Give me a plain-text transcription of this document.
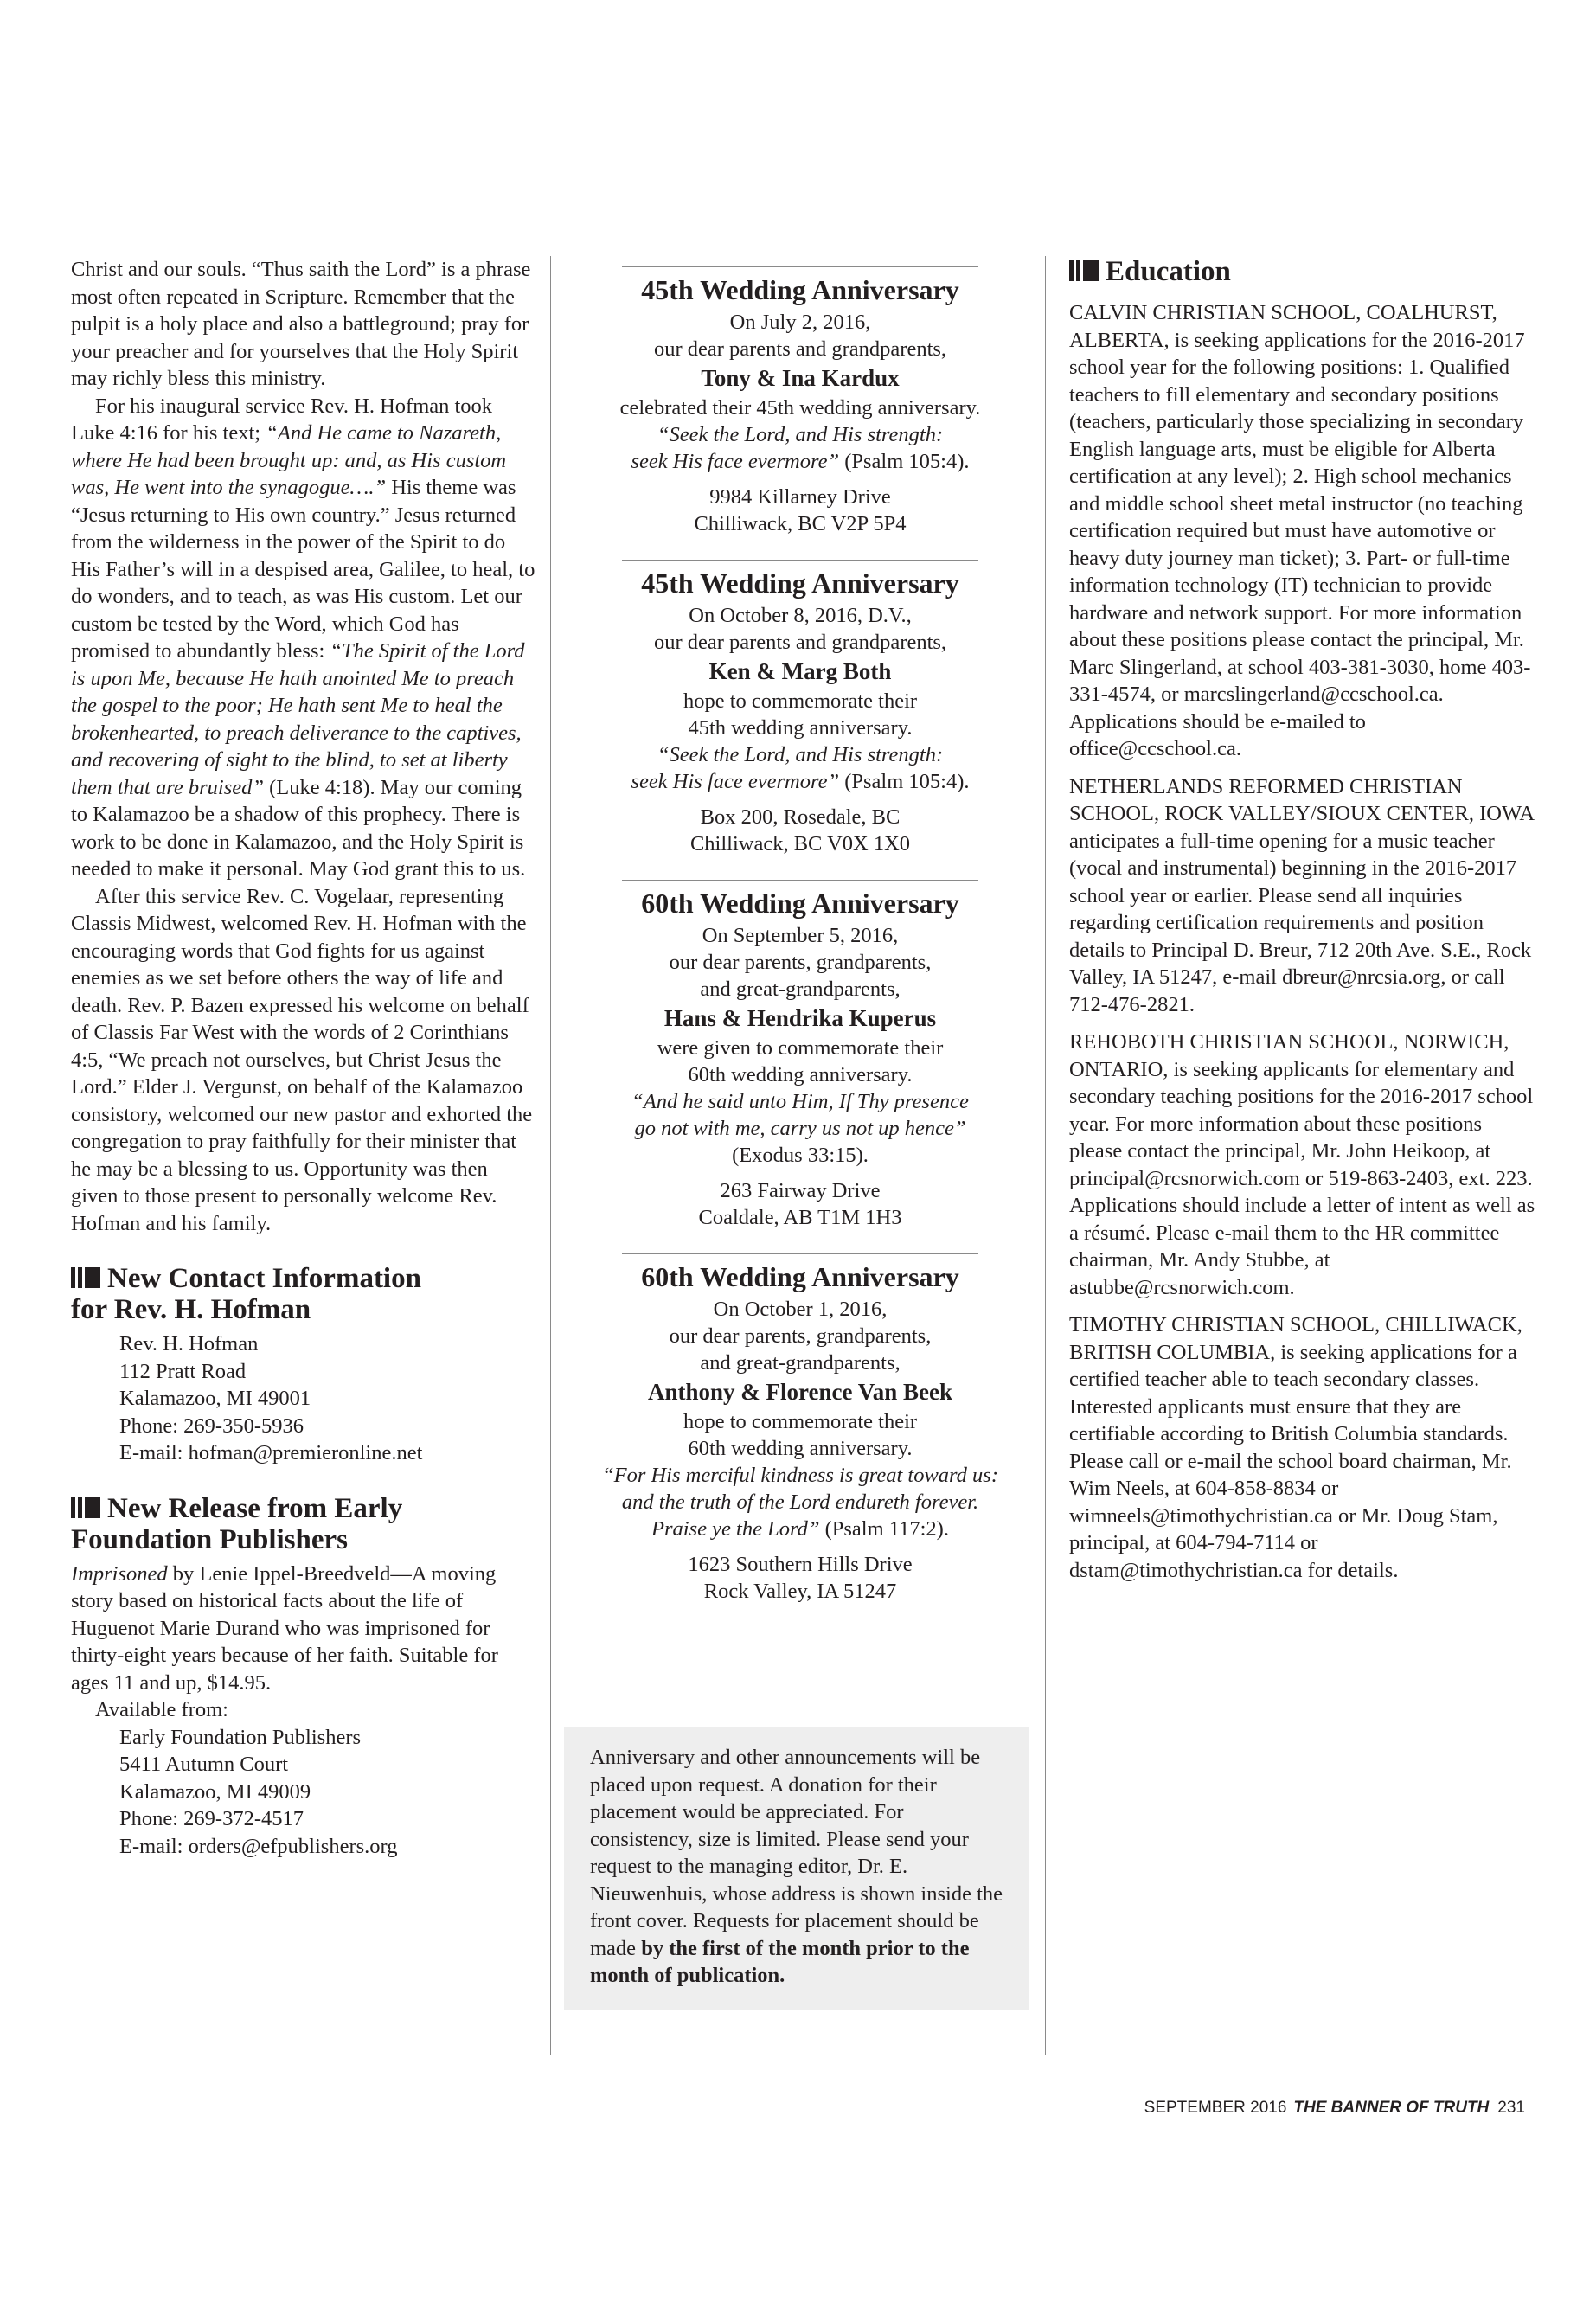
Christ and our souls. “Thus saith the Lord” is a phrase most often repeated in Scripture. Remember that the pulpit is a holy place and also a battleground; pray for your preacher and for yourselves that the Holy Spirit may richly bless this ministry.

For his inaugural service Rev. H. Hofman took Luke 4:16 for his text; “And He came to Nazareth, where He had been brought up: and, as His custom was, He went into the synagogue….” His theme was “Jesus returning to His own country.” Jesus returned from the wilderness in the power of the Spirit to do His Father’s will in a despised area, Galilee, to heal, to do wonders, and to teach, as was His custom. Let our custom be tested by the Word, which God has promised to abundantly bless: “The Spirit of the Lord is upon Me, because He hath anointed Me to preach the gospel to the poor; He hath sent Me to heal the brokenhearted, to preach deliverance to the captives, and recovering of sight to the blind, to set at liberty them that are bruised” (Luke 4:18). May our coming to Kalamazoo be a shadow of this prophecy. There is work to be done in Kalamazoo, and the Holy Spirit is needed to make it personal. May God grant this to us.

After this service Rev. C. Vogelaar, representing Classis Midwest, welcomed Rev. H. Hofman with the encouraging words that God fights for us against enemies as we set before others the way of life and death. Rev. P. Bazen expressed his welcome on behalf of Classis Far West with the words of 2 Corinthians 4:5, “We preach not ourselves, but Christ Jesus the Lord.” Elder J. Vergunst, on behalf of the Kalamazoo consistory, welcomed our new pastor and exhorted the congregation to pray faithfully for their minister that he may be a blessing to us. Opportunity was then given to those present to personally welcome Rev. Hofman and his family.

New Contact Information
for Rev. H. Hofman

Rev. H. Hofman

112 Pratt Road

Kalamazoo, MI 49001

Phone: 269-350-5936

E-mail: hofman@premieronline.net

New Release from Early
Foundation Publishers

Imprisoned by Lenie Ippel-Breedveld—A moving story based on historical facts about the life of Huguenot Marie Durand who was imprisoned for thirty-eight years because of her faith. Suitable for ages 11 and up, $14.95.

Available from:

Early Foundation Publishers

5411 Autumn Court

Kalamazoo, MI 49009

Phone: 269-372-4517

E-mail: orders@efpublishers.org

45th Wedding Anniversary

On July 2, 2016,

our dear parents and grandparents,

Tony & Ina Kardux

celebrated their 45th wedding anniversary.

“Seek the Lord, and His strength:

seek His face evermore” (Psalm 105:4).

9984 Killarney Drive

Chilliwack, BC V2P 5P4

45th Wedding Anniversary

On October 8, 2016, D.V.,

our dear parents and grandparents,

Ken & Marg Both

hope to commemorate their

45th wedding anniversary.

“Seek the Lord, and His strength:

seek His face evermore” (Psalm 105:4).

Box 200, Rosedale, BC

Chilliwack, BC V0X 1X0

60th Wedding Anniversary

On September 5, 2016,

our dear parents, grandparents,

and great-grandparents,

Hans & Hendrika Kuperus

were given to commemorate their

60th wedding anniversary.

“And he said unto Him, If Thy presence

go not with me, carry us not up hence”

(Exodus 33:15).

263 Fairway Drive

Coaldale, AB T1M 1H3

60th Wedding Anniversary

On October 1, 2016,

our dear parents, grandparents,

and great-grandparents,

Anthony & Florence Van Beek

hope to commemorate their

60th wedding anniversary.

“For His merciful kindness is great toward us:

and the truth of the Lord endureth forever.

Praise ye the Lord” (Psalm 117:2).

1623 Southern Hills Drive

Rock Valley, IA 51247

Anniversary and other announcements will be placed upon request. A donation for their placement would be appreciated. For consistency, size is limited. Please send your request to the managing editor, Dr. E. Nieuwenhuis, whose address is shown inside the front cover. Requests for placement should be made by the first of the month prior to the month of publication.
Education

CALVIN CHRISTIAN SCHOOL, COALHURST, ALBERTA, is seeking applications for the 2016-2017 school year for the following positions: 1. Qualified teachers to fill elementary and secondary positions (teachers, particularly those specializing in secondary English language arts, must be eligible for Alberta certification at any level); 2. High school mechanics and middle school sheet metal instructor (no teaching certification required but must have automotive or heavy duty journey man ticket); 3. Part- or full-time information technology (IT) technician to provide hardware and network support. For more information about these positions please contact the principal, Mr. Marc Slingerland, at school 403-381-3030, home 403-331-4574, or marcslingerland@ccschool.ca. Applications should be e-mailed to office@ccschool.ca.

NETHERLANDS REFORMED CHRISTIAN SCHOOL, ROCK VALLEY/SIOUX CENTER, IOWA anticipates a full-time opening for a music teacher (vocal and instrumental) beginning in the 2016-2017 school year or earlier. Please send all inquiries regarding certification requirements and position details to Principal D. Breur, 712 20th Ave. S.E., Rock Valley, IA 51247, e-mail dbreur@nrcsia.org, or call 712-476-2821.

REHOBOTH CHRISTIAN SCHOOL, NORWICH, ONTARIO, is seeking applicants for elementary and secondary teaching positions for the 2016-2017 school year. For more information about these positions please contact the principal, Mr. John Heikoop, at principal@rcsnorwich.com or 519-863-2403, ext. 223. Applications should include a letter of intent as well as a résumé. Please e-mail them to the HR committee chairman, Mr. Andy Stubbe, at astubbe@rcsnorwich.com.

TIMOTHY CHRISTIAN SCHOOL, CHILLIWACK, BRITISH COLUMBIA, is seeking applications for a certified teacher able to teach secondary classes. Interested applicants must ensure that they are certifiable according to British Columbia standards. Please call or e-mail the school board chairman, Mr. Wim Neels, at 604-858-8834 or wimneels@timothychristian.ca or Mr. Doug Stam, principal, at 604-794-7114 or dstam@timothychristian.ca for details.

SEPTEMBER 2016 THE BANNER OF TRUTH 231
